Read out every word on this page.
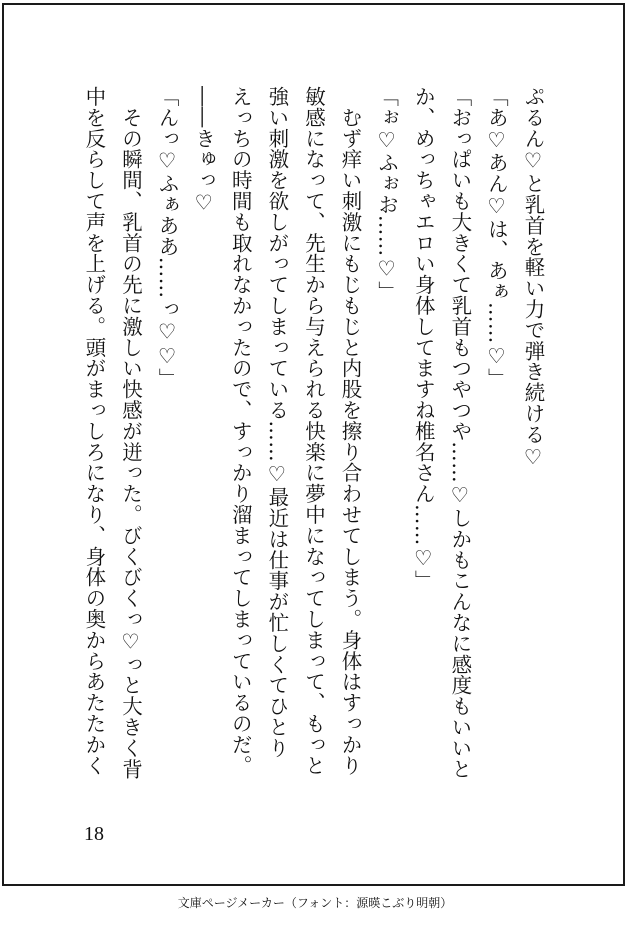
ぷるん♡と乳首を軽い力で弾き続ける♡
「あ♡あん♡は、あぁ……♡」
「おっぱいも大きくて乳首もつやつや……♡しかもこんなに感度もいいと
か、めっちゃエロい身体してますね椎名さん……♡」
「ぉ♡ふぉお……♡」
　むず痒い刺激にもじもじと内股を擦り合わせてしまう。身体はすっかり
敏感になって、先生から与えられる快楽に夢中になってしまって、もっと
強い刺激を欲しがってしまっている……♡最近は仕事が忙しくてひとり
えっちの時間も取れなかったので、すっかり溜まってしまっているのだ。
――きゅっ♡
「んっ♡ふぁああ……っ♡♡」
　その瞬間、乳首の先に激しい快感が迸った。びくびくっ♡っと大きく背
中を反らして声を上げる。頭がまっしろになり、身体の奥からあたたかく
18
文庫ページメーカー（フォント：源暎こぶり明朝）
